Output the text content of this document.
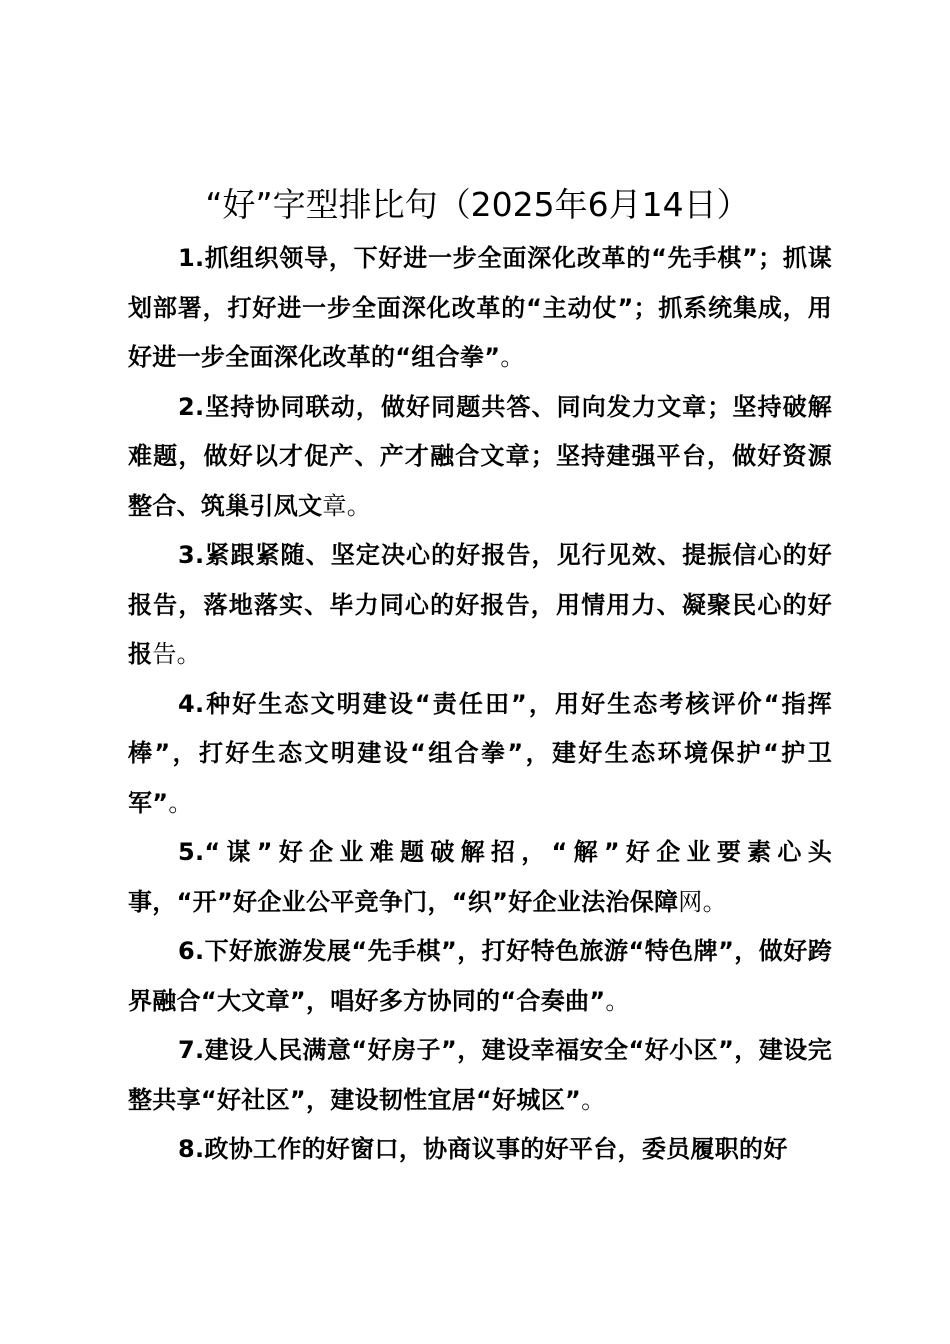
“好”字型排比句（2025年6月14日）

1.抓组织领导，下好进一步全面深化改革的“先手棋”；抓谋划部署，打好进一步全面深化改革的“主动仗”；抓系统集成，用好进一步全面深化改革的“组合拳”。

2.坚持协同联动，做好同题共答、同向发力文章；坚持破解难题，做好以才促产、产才融合文章；坚持建强平台，做好资源整合、筑巢引凤文章。

3.紧跟紧随、坚定决心的好报告，见行见效、提振信心的好报告，落地落实、毕力同心的好报告，用情用力、凝聚民心的好报告。

4.种好生态文明建设“责任田”，用好生态考核评价“指挥棒”，打好生态文明建设“组合拳”，建好生态环境保护“护卫军”。

5.“谋”好企业难题破解招，“解”好企业要素心头事，“开”好企业公平竞争门，“织”好企业法治保障网。

6.下好旅游发展“先手棋”，打好特色旅游“特色牌”，做好跨界融合“大文章”，唱好多方协同的“合奏曲”。

7.建设人民满意“好房子”，建设幸福安全“好小区”，建设完整共享“好社区”，建设韧性宜居“好城区”。

8.政协工作的好窗口，协商议事的好平台，委员履职的好
